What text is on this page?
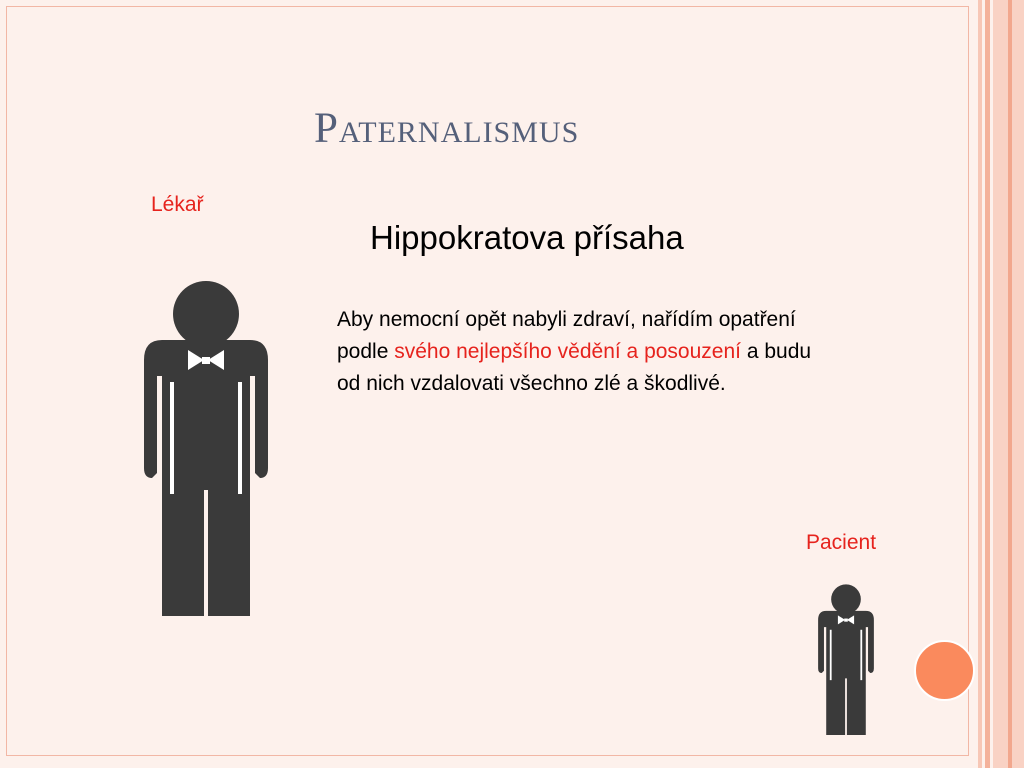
Paternalismus
Lékař
Hippokratova přísaha
Aby nemocní opět nabyli zdraví, nařídím opatření podle svého nejlepšího vědění a posouzení a budu od nich vzdalovati všechno zlé a škodlivé.
Pacient
